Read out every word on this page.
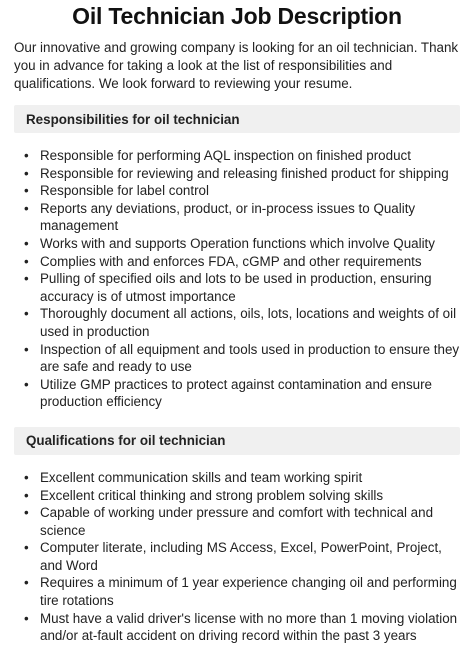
Oil Technician Job Description

Our innovative and growing company is looking for an oil technician. Thank you in advance for taking a look at the list of responsibilities and qualifications. We look forward to reviewing your resume.

Responsibilities for oil technician
• Responsible for performing AQL inspection on finished product
• Responsible for reviewing and releasing finished product for shipping
• Responsible for label control
• Reports any deviations, product, or in-process issues to Quality management
• Works with and supports Operation functions which involve Quality
• Complies with and enforces FDA, cGMP and other requirements
• Pulling of specified oils and lots to be used in production, ensuring accuracy is of utmost importance
• Thoroughly document all actions, oils, lots, locations and weights of oil used in production
• Inspection of all equipment and tools used in production to ensure they are safe and ready to use
• Utilize GMP practices to protect against contamination and ensure production efficiency
Qualifications for oil technician
• Excellent communication skills and team working spirit
• Excellent critical thinking and strong problem solving skills
• Capable of working under pressure and comfort with technical and science
• Computer literate, including MS Access, Excel, PowerPoint, Project, and Word
• Requires a minimum of 1 year experience changing oil and performing tire rotations
• Must have a valid driver's license with no more than 1 moving violation and/or at-fault accident on driving record within the past 3 years
